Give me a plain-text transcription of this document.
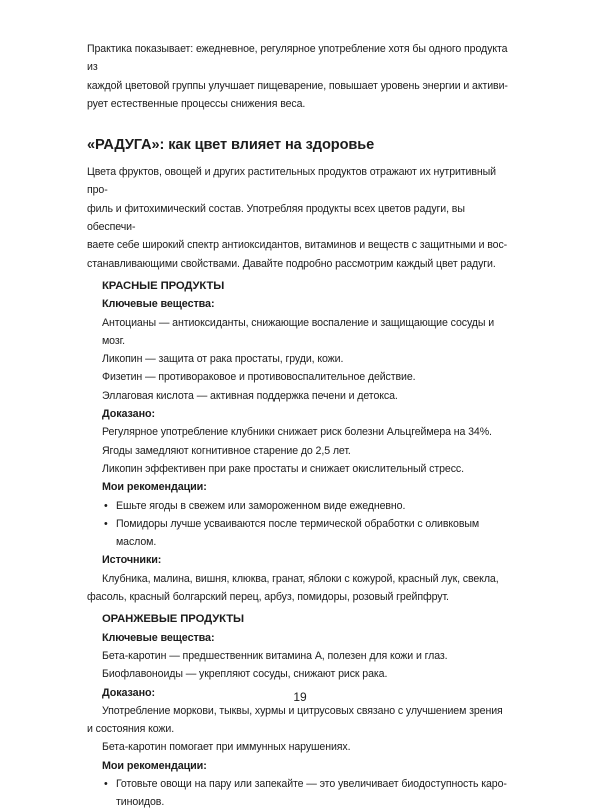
Практика показывает: ежедневное, регулярное употребление хотя бы одного продукта из

каждой цветовой группы улучшает пищеварение, повышает уровень энергии и активи-

рует естественные процессы снижения веса.

«РАДУГА»: как цвет влияет на здоровье

Цвета фруктов, овощей и других растительных продуктов отражают их нутритивный про-

филь и фитохимический состав. Употребляя продукты всех цветов радуги, вы обеспечи-

ваете себе широкий спектр антиоксидантов, витаминов и веществ с защитными и вос-

станавливающими свойствами. Давайте подробно рассмотрим каждый цвет радуги.

КРАСНЫЕ ПРОДУКТЫ
Ключевые вещества:

Антоцианы — антиоксиданты, снижающие воспаление и защищающие сосуды и мозг.

Ликопин — защита от рака простаты, груди, кожи.

Физетин — противораковое и противовоспалительное действие.

Эллаговая кислота — активная поддержка печени и детокса.

Доказано:

Регулярное употребление клубники снижает риск болезни Альцгеймера на 34%.

Ягоды замедляют когнитивное старение до 2,5 лет.

Ликопин эффективен при раке простаты и снижает окислительный стресс.

Мои рекомендации:
• Ешьте ягоды в свежем или замороженном виде ежедневно.
• Помидоры лучше усваиваются после термической обработки с оливковым маслом.
Источники:

Клубника, малина, вишня, клюква, гранат, яблоки с кожурой, красный лук, свекла,

фасоль, красный болгарский перец, арбуз, помидоры, розовый грейпфрут.

ОРАНЖЕВЫЕ ПРОДУКТЫ
Ключевые вещества:

Бета-каротин — предшественник витамина А, полезен для кожи и глаз.

Биофлавоноиды — укрепляют сосуды, снижают риск рака.

Доказано:

Употребление моркови, тыквы, хурмы и цитрусовых связано с улучшением зрения

и состояния кожи.

Бета-каротин помогает при иммунных нарушениях.

Мои рекомендации:
• Готовьте овощи на пару или запекайте — это увеличивает биодоступность каро-

тиноидов.

19
